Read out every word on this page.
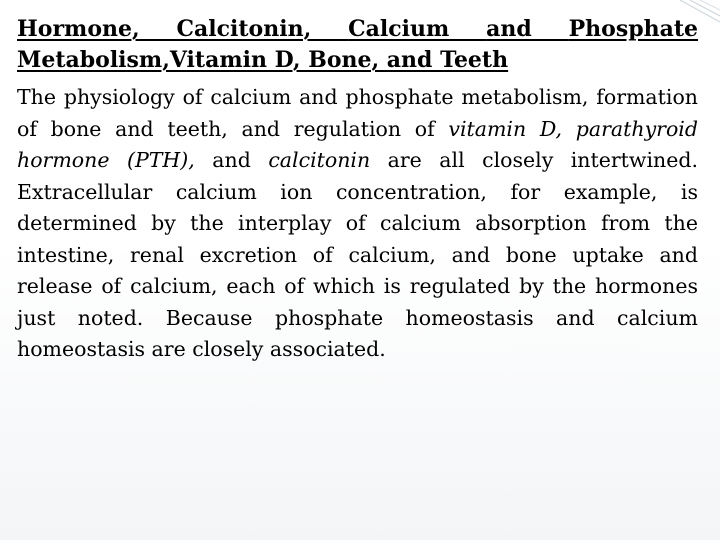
Hormone, Calcitonin, Calcium and Phosphate Metabolism,Vitamin D, Bone, and Teeth

The physiology of calcium and phosphate metabolism, formation of bone and teeth, and regulation of vitamin D, parathyroid hormone (PTH), and calcitonin are all closely intertwined. Extracellular calcium ion concentration, for example, is determined by the interplay of calcium absorption from the intestine, renal excretion of calcium, and bone uptake and release of calcium, each of which is regulated by the hormones just noted. Because phosphate homeostasis and calcium homeostasis are closely associated.
